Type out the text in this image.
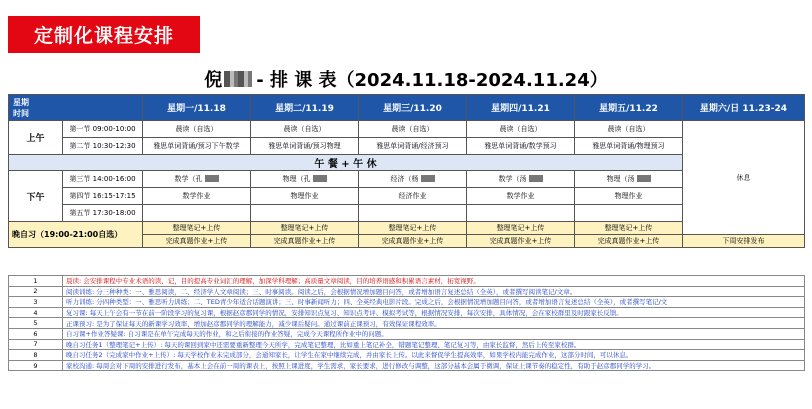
定制化课程安排
倪 - 排 课 表（2024.11.18-2024.11.24）
星期
时间		星期一/11.18	星期二/11.19	星期三/11.20	星期四/11.21	星期五/11.22	星期六/日 11.23-24	
上午	第一节 09:00-10:00	晨读（自选）	晨读（自选）	晨读（自选）	晨读（自选）	晨读（自选）	休息	
	第二节 10:30-12:30	雅思单词背诵/预习下午数学	雅思单词背诵/预习物理	雅思单词背诵/经济预习	雅思单词背诵/数学预习	雅思单词背诵/物理预习		
午 餐 + 午 休								
下午	第三节 14:00-16:00	数学（孔	物理（孔	经济（杨	数学（汤	物理（汤		
	第四节 16:15-17:15	数学作业	物理作业	经济作业	数学作业	物理作业		
	第五节 17:30-18:00							
晚自习（19:00-21:00自选）		整理笔记+上传	整理笔记+上传	整理笔记+上传	整理笔记+上传	整理笔记+上传	
		完成真题作业+上传	完成真题作业+上传	完成真题作业+上传	完成真题作业+上传	完成真题作业+上传	下周安排发布	
1	晨读: 会安排课程中专业术语的读、记，目的提高专业词汇的理解，加深学科理解；高质量文章阅读，目的培养语感和积累语言素材，拓宽视野。
2	阅读训练: 分三种种类：一、雅思阅读，二、经济学人文章阅读；三、时事阅读。阅读之后，会根据情况增加题目问答，或者增加语言复述总结（全英），或者撰写阅读笔记/文章。
3	听力训练: 分四种类型：一、雅思听力训练；二、TED青少年适合话题演讲；三、时事新闻听力；四、全英经典电影片段。完成之后，会根据情况增加题目问答，或者增加语言复述总结（全英），或者撰写笔记/文
4	复习课: 每天上午会有一节在前一阶段学习的复习课，根据赵彦郡同学的情况，安排知识点复习、知识点考评、模拟考试等，根据情况安排，每次安排，具体情况，会在家校群里及时跟家长反馈。
5	正课预习: 是为了保证每天的新课学习效率，增加赵彦郡同学的理解能力，减少课后疑问。通过课前正课预习，有效保证课程效率。
6	自习课+作业答疑课: 自习课是在单午完成每天的作业，和之后衔接的作业答疑，完成今天课程所作业中的问题。
7	晚自习任务1（整理笔记+上传）: 每天的课回到家中还需要重新整理今天所学，完成笔记整理，比如重上笔记补全，错题笔记整理、笔记复习等，由家长监督，然后上传至家校群。
8	晚自习任务2（完成家中作业+上传）: 每天学校作业未完成部分，会通知家长，让学生在家中继续完成，并由家长上传。以此来督促学生提高效率，如果学校内能完成作业，这部分时间，可以休息。
9	家校沟通: 每周会对下周的安排进行发布，基本上会在前一周的课表上，按照上课进度，学生需求，家长要求，进行修改与调整，这部分基本会属于微调，保证上课节奏的稳定性，有助于赵彦郡同学的学习。
